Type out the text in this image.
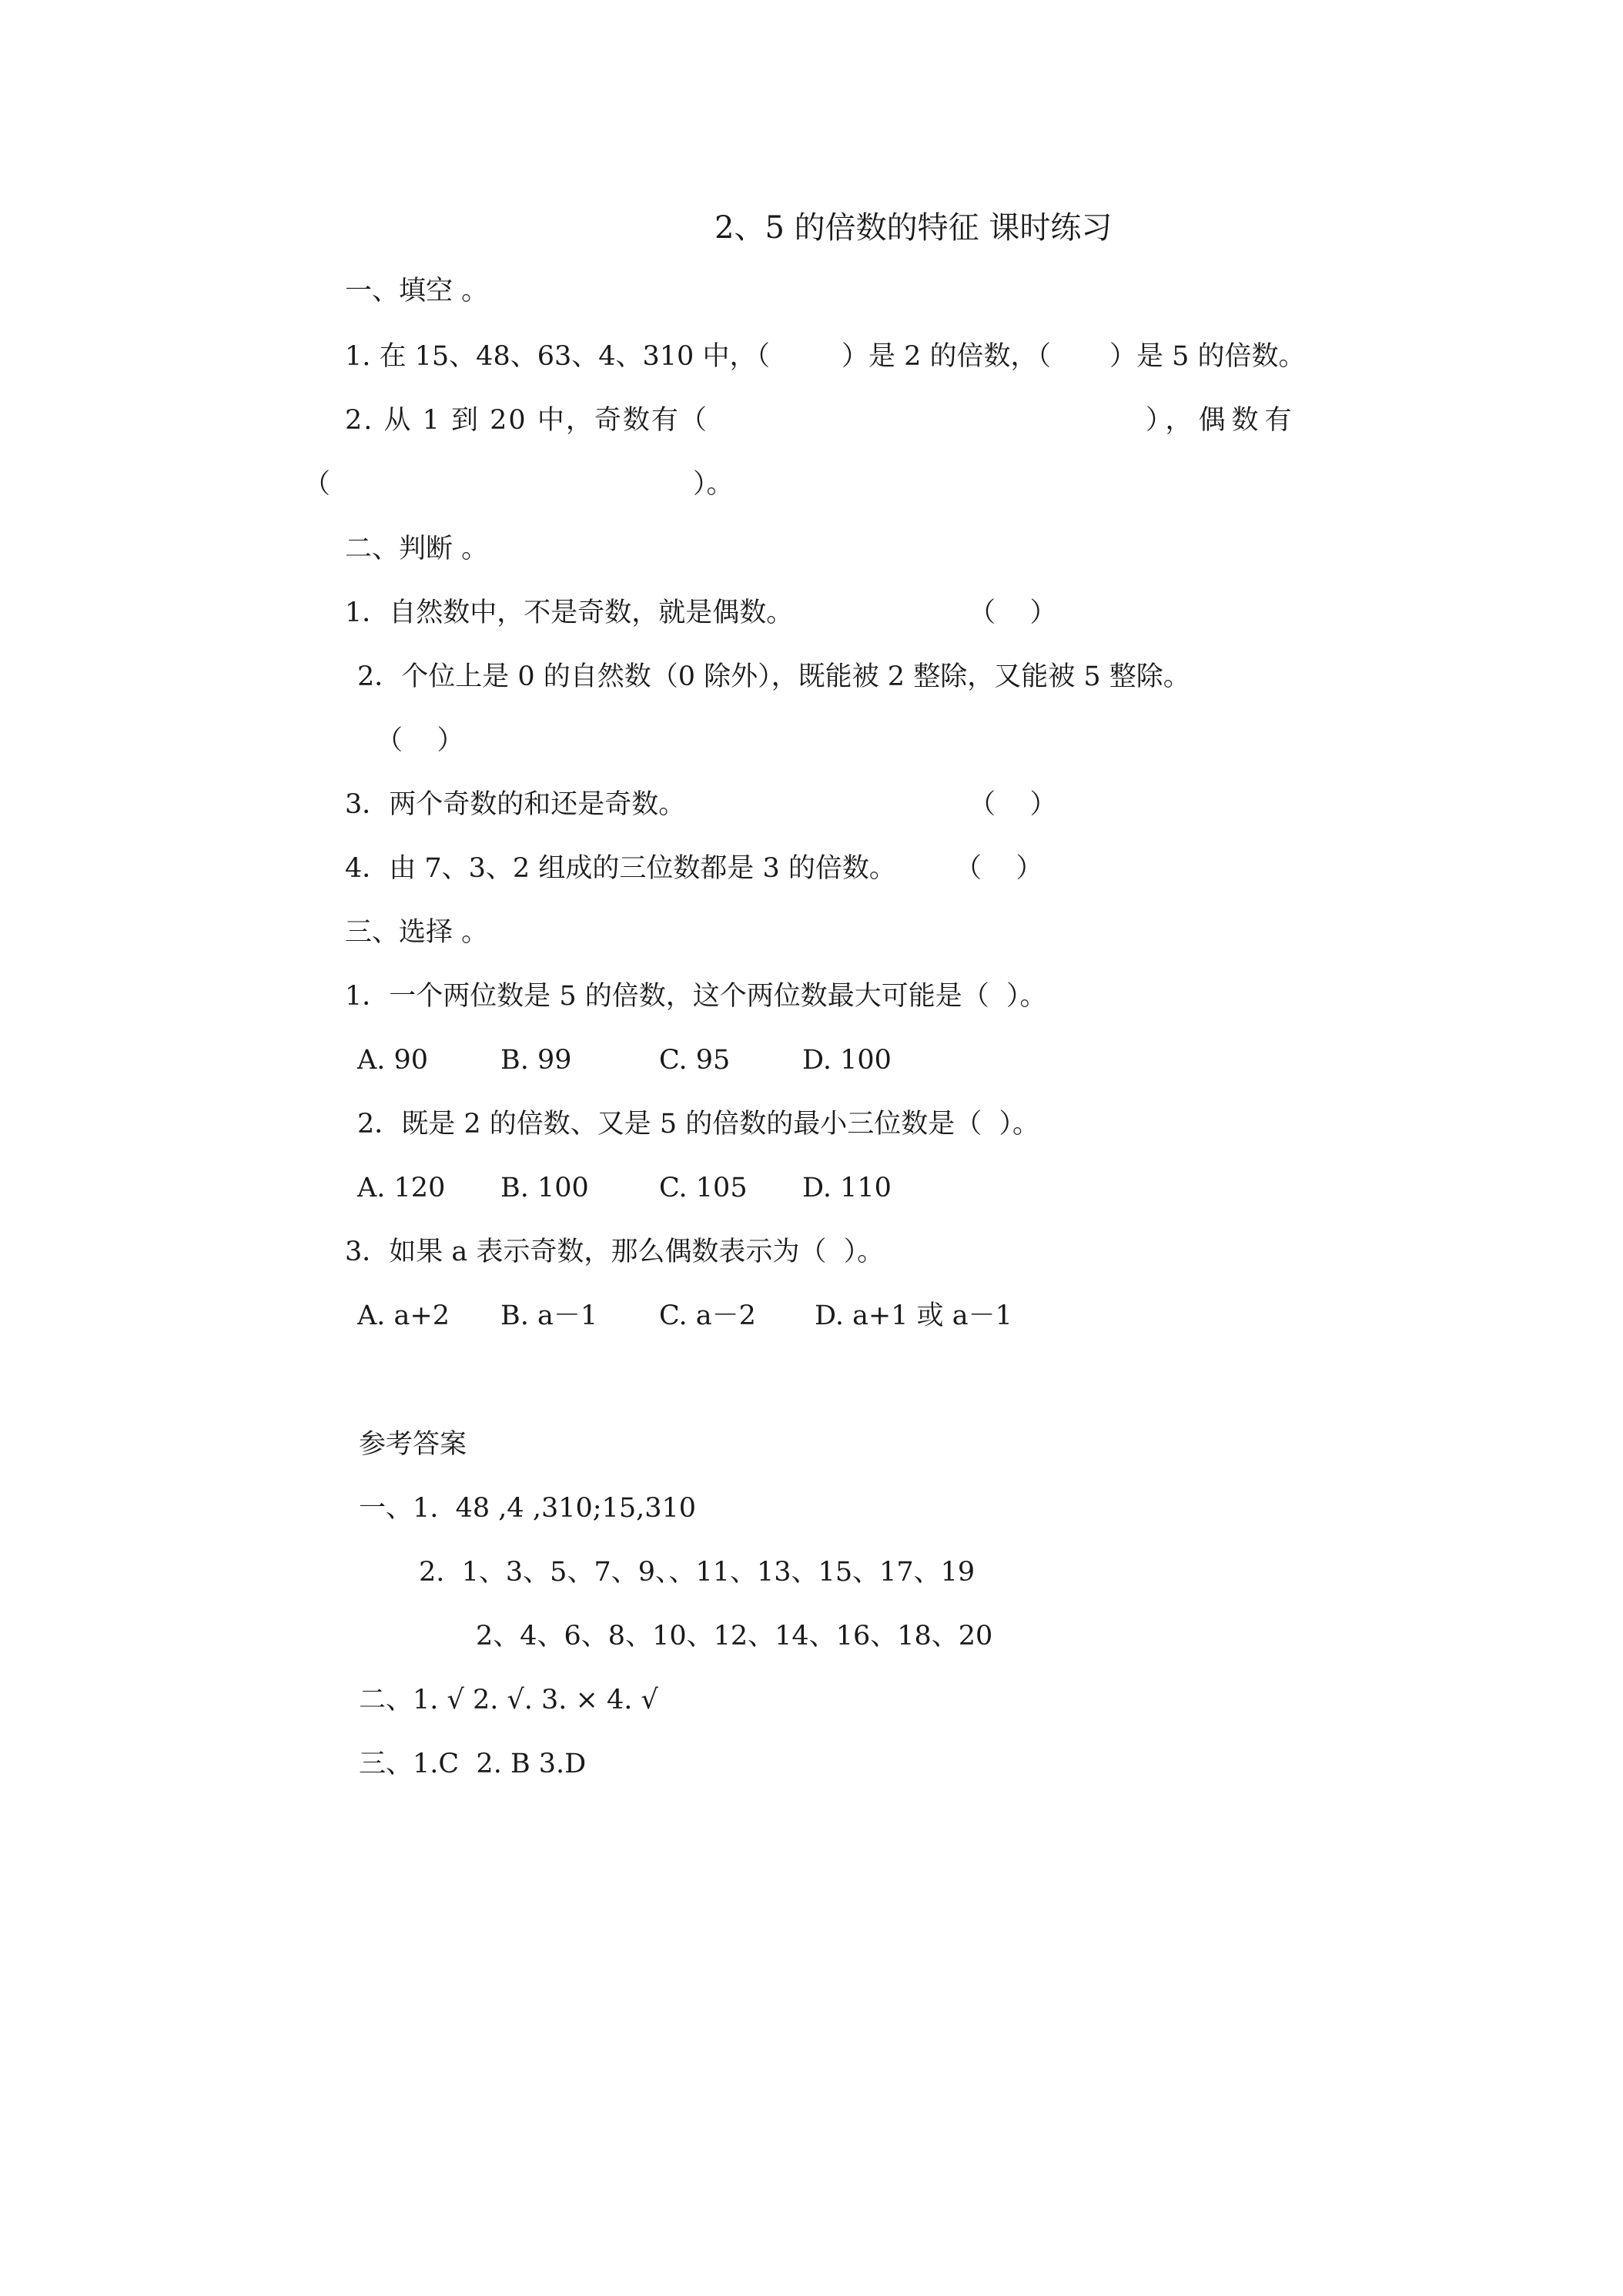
2、5 的倍数的特征 课时练习
一、填空 。
1. 在 15、48、63、4、310 中，（	）是 2 的倍数，（ ）是 5 的倍数。
2. 从 1 到 20 中，奇数有（	），偶数有
（	）。
二、判断 。
1．自然数中，不是奇数，就是偶数。	（    ）
2．个位上是 0 的自然数（0 除外），既能被 2 整除，又能被 5 整除。
（    ）
3．两个奇数的和还是奇数。	（    ）
4．由 7、3、2 组成的三位数都是 3 的倍数。 （    ）
三、选择 。
1．一个两位数是 5 的倍数，这个两位数最大可能是（  ）。
A. 90	B. 99	C. 95	D. 100
2．既是 2 的倍数、又是 5 的倍数的最小三位数是（  ）。
A. 120 B. 100	C. 105 D. 110
3．如果 a 表示奇数，那么偶数表示为（  ）。
A. a+2 B. a－1 C. a－2 D. a+1 或 a－1
参考答案
一、1.  48 ,4 ,310;15,310
2.  1、3、5、7、9、、11、13、15、17、19
2、4、6、8、10、12、14、16、18、20
二、1. √ 2. √. 3. × 4. √
三、1.C  2. B 3.D
